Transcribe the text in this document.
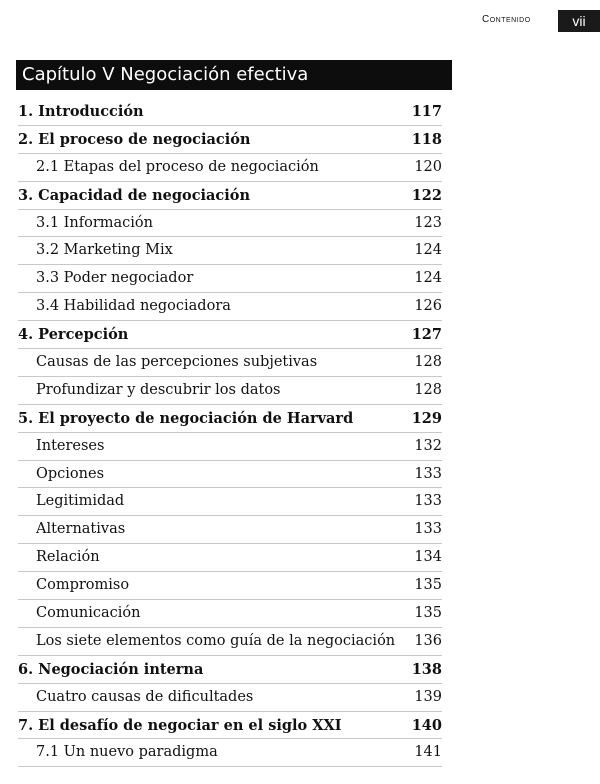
Contenido	vii
Capítulo V Negociación efectiva
1. Introducción	117
2. El proceso de negociación	118
2.1 Etapas del proceso de negociación	120
3. Capacidad de negociación	122
3.1 Información	123
3.2 Marketing Mix	124
3.3 Poder negociador	124
3.4 Habilidad negociadora	126
4. Percepción	127
Causas de las percepciones subjetivas	128
Profundizar y descubrir los datos	128
5. El proyecto de negociación de Harvard	129
Intereses	132
Opciones	133
Legitimidad	133
Alternativas	133
Relación	134
Compromiso	135
Comunicación	135
Los siete elementos como guía de la negociación 136
6. Negociación interna	138
Cuatro causas de dificultades	139
7. El desafío de negociar en el siglo XXI	140
7.1 Un nuevo paradigma	141
